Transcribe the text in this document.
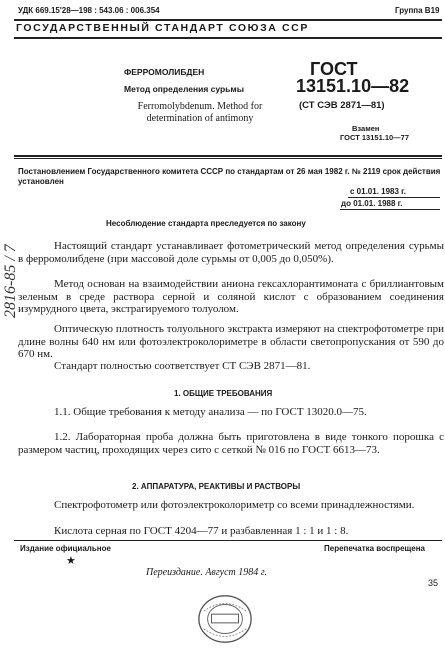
УДК 669.15'28—198 : 543.06 : 006.354	Группа В19
ГОСУДАРСТВЕННЫЙ СТАНДАРТ СОЮЗА ССР
ФЕРРОМОЛИБДЕН
Метод определения сурьмы
Ferromolybdenum. Method for determination of antimony
ГОСТ
13151.10—82
(СТ СЭВ 2871—81)
Взамен
ГОСТ 13151.10—77
Постановлением Государственного комитета СССР по стандартам от 26 мая 1982 г. № 2119 срок действия установлен
с 01.01. 1983 г.
до 01.01. 1988 г.
Несоблюдение стандарта преследуется по закону

Настоящий стандарт устанавливает фотометрический метод определения сурьмы в ферромолибдене (при массовой доле сурьмы от 0,005 до 0,050%).

Метод основан на взаимодействии аниона гексахлорантимоната с бриллиантовым зеленым в среде раствора серной и соляной кислот с образованием соединения изумрудного цвета, экстрагируемого толуолом.

Оптическую плотность толуольного экстракта измеряют на спектрофотометре при длине волны 640 нм или фотоэлектроколориметре в области светопропускания от 590 до 670 нм.

Стандарт полностью соответствует СТ СЭВ 2871—81.

1. ОБЩИЕ ТРЕБОВАНИЯ

1.1. Общие требования к методу анализа — по ГОСТ 13020.0—75.

1.2. Лабораторная проба должна быть приготовлена в виде тонкого порошка с размером частиц, проходящих через сито с сеткой № 016 по ГОСТ 6613—73.

2. АППАРАТУРА, РЕАКТИВЫ И РАСТВОРЫ

Спектрофотометр или фотоэлектроколориметр со всеми принадлежностями.

Кислота серная по ГОСТ 4204—77 и разбавленная 1 : 1 и 1 : 8.

Издание официальное	Перепечатка воспрещена
★
Переиздание. Август 1984 г.
35
2816-85 / 7
